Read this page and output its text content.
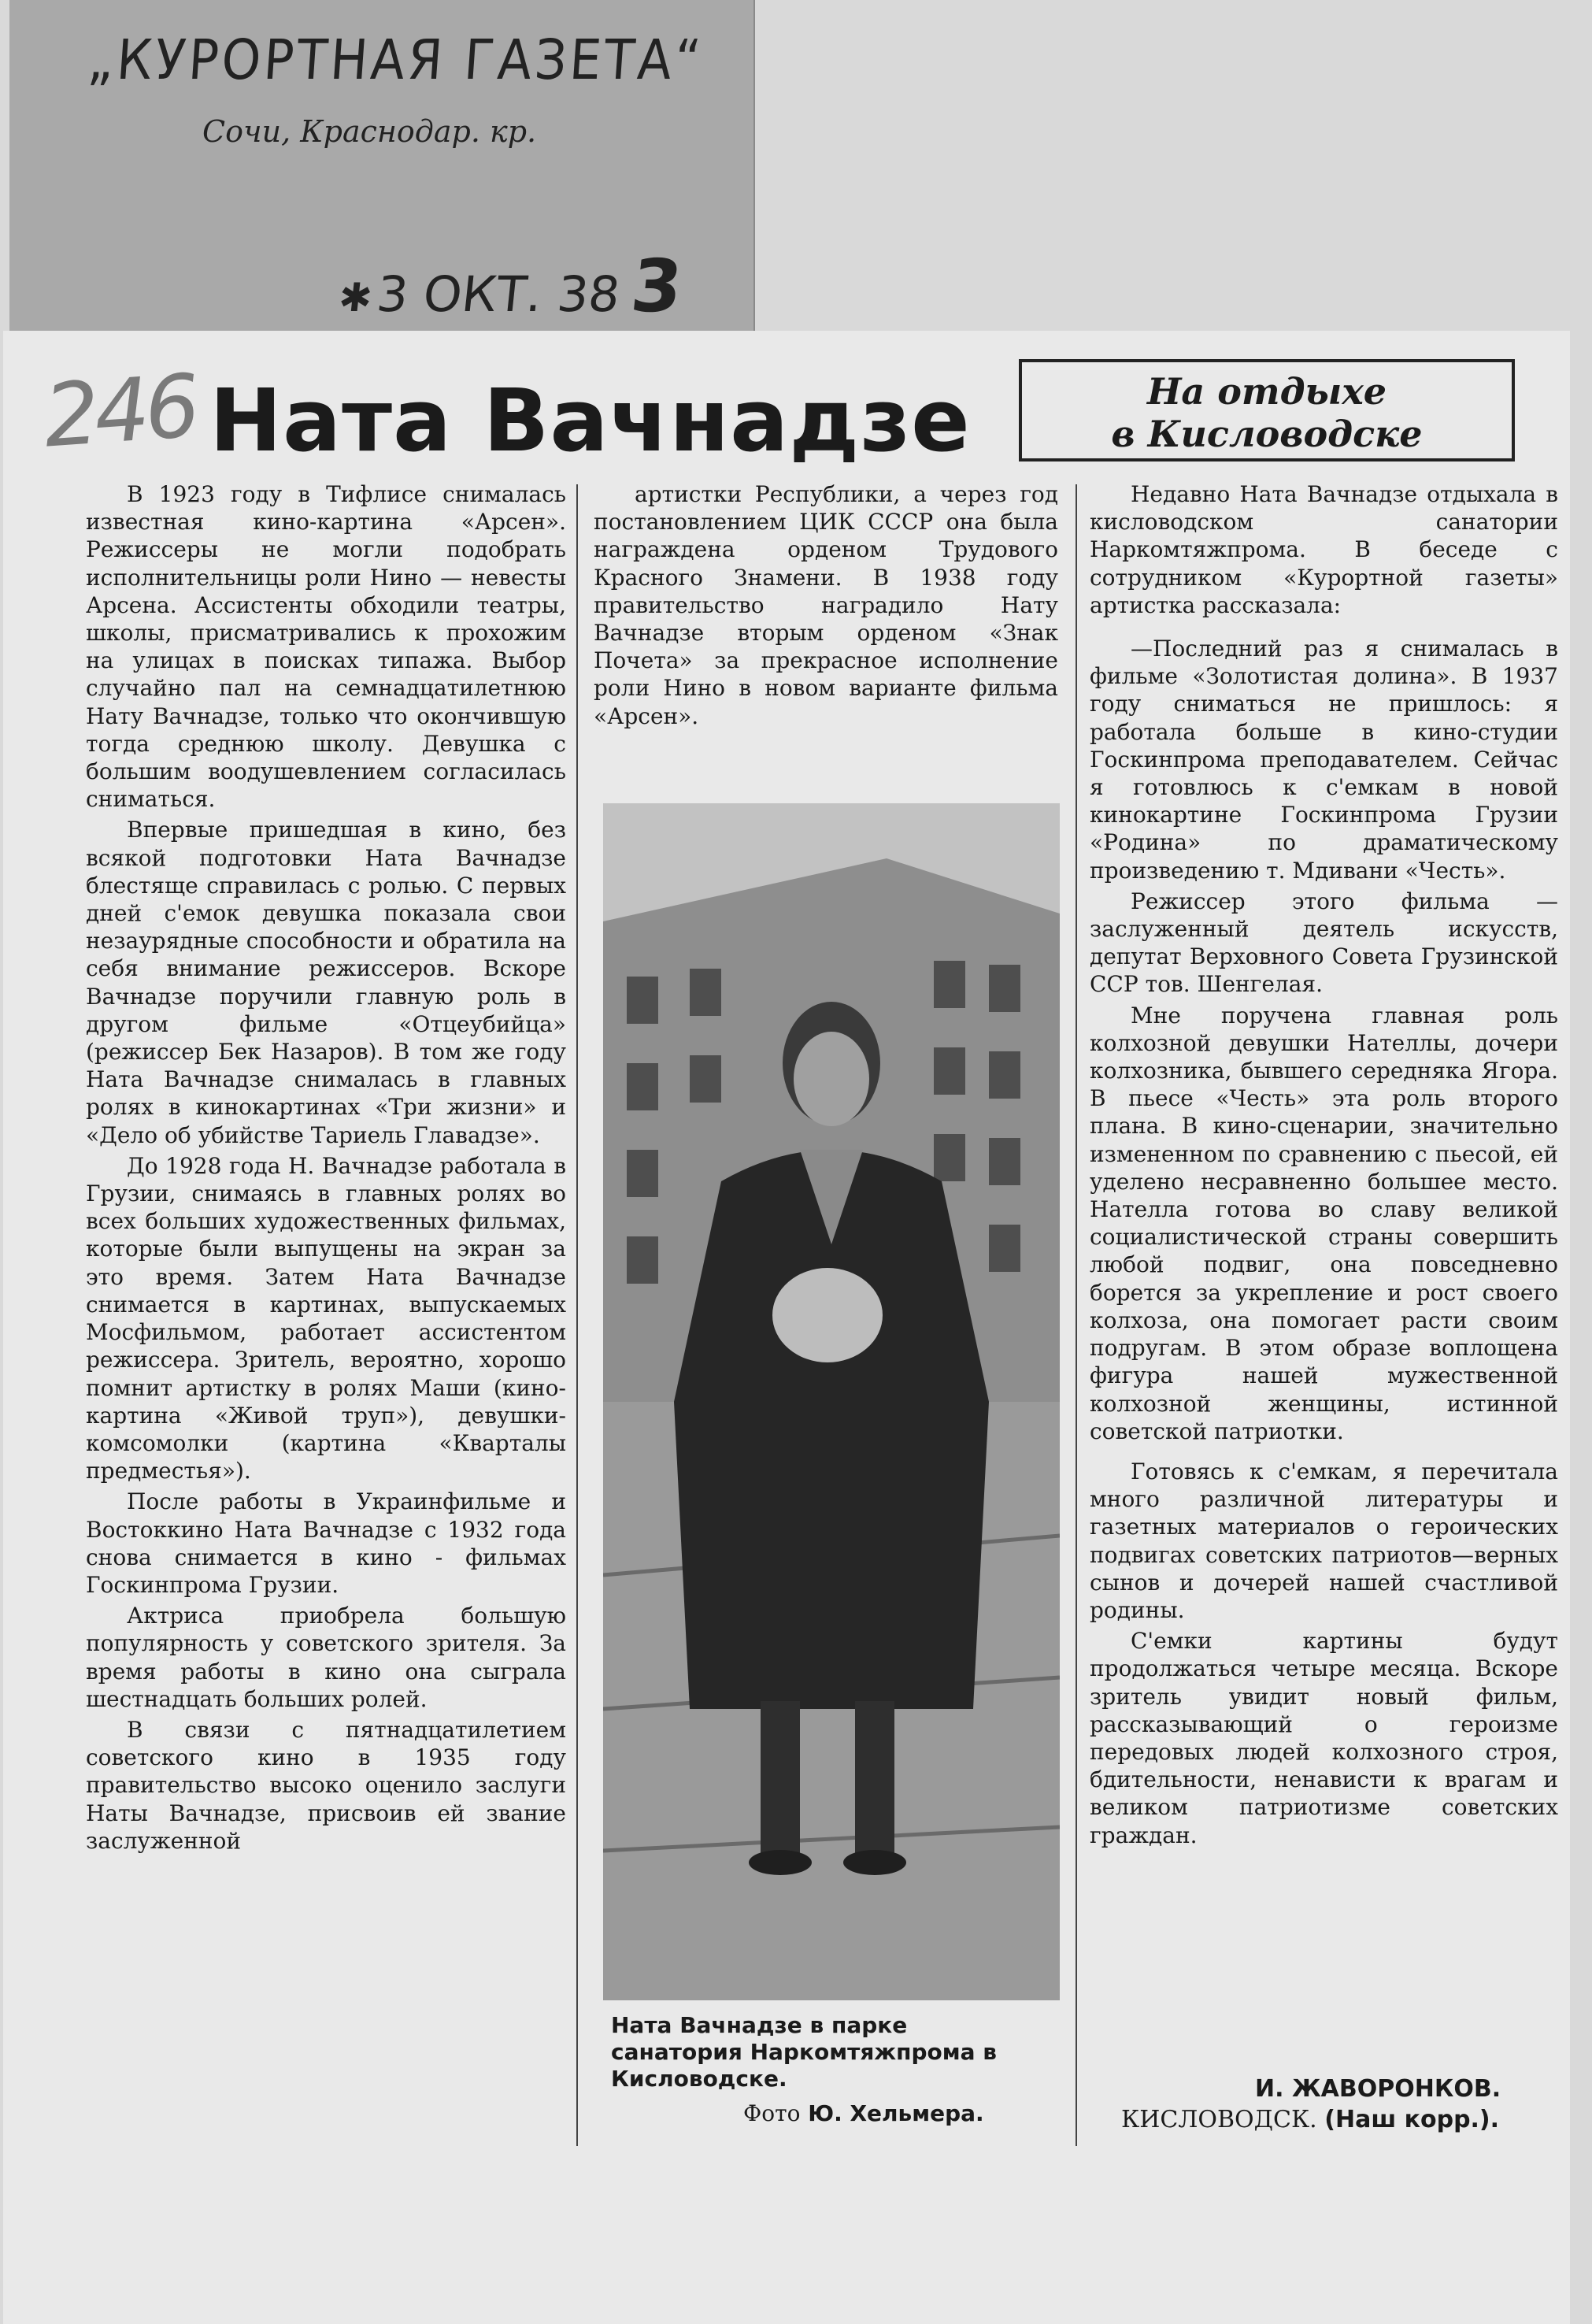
„КУРОРТНАЯ ГАЗЕТА“
Сочи, Краснодар. кр.
✱3 ОКТ. 383
246 Ната Вачнадзе	На отдыхе
в Кисловодске

В 1923 году в Тифлисе снималась известная кино-картина «Арсен». Режиссеры не могли подобрать исполнительницы роли Нино — невесты Арсена. Ассистенты обходили театры, школы, присматривались к прохожим на улицах в поисках типажа. Выбор случайно пал на семнадцатилетнюю Нату Вачнадзе, только что окончившую тогда среднюю школу. Девушка с большим воодушевлением согласилась сниматься.

Впервые пришедшая в кино, без всякой подготовки Ната Вачнадзе блестяще справилась с ролью. С первых дней с'емок девушка показала свои незаурядные способности и обратила на себя внимание режиссеров. Вскоре Вачнадзе поручили главную роль в другом фильме «Отцеубийца» (режиссер Бек Назаров). В том же году Ната Вачнадзе снималась в главных ролях в кинокартинах «Три жизни» и «Дело об убийстве Тариель Главадзе».

До 1928 года Н. Вачнадзе работала в Грузии, снимаясь в главных ролях во всех больших художественных фильмах, которые были выпущены на экран за это время. Затем Ната Вачнадзе снимается в картинах, выпускаемых Мосфильмом, работает ассистентом режиссера. Зритель, вероятно, хорошо помнит артистку в ролях Маши (кино-картина «Живой труп»), девушки-комсомолки (картина «Кварталы предместья»).

После работы в Украинфильме и Востоккино Ната Вачнадзе с 1932 года снова снимается в кино - фильмах Госкинпрома Грузии.

Актриса приобрела большую популярность у советского зрителя. За время работы в кино она сыграла шестнадцать больших ролей.

В связи с пятнадцатилетием советского кино в 1935 году правительство высоко оценило заслуги Наты Вачнадзе, присвоив ей звание заслуженной

артистки Республики, а через год постановлением ЦИК СССР она была награждена орденом Трудового Красного Знамени. В 1938 году правительство наградило Нату Вачнадзе вторым орденом «Знак Почета» за прекрасное исполнение роли Нино в новом варианте фильма «Арсен».

Ната Вачнадзе в парке санатория Наркомтяжпрома в Кисловодске.
Фото Ю. Хельмера.

Недавно Ната Вачнадзе отдыхала в кисловодском санатории Наркомтяжпрома. В беседе с сотрудником «Курортной газеты» артистка рассказала:

—Последний раз я снималась в фильме «Золотистая долина». В 1937 году сниматься не пришлось: я работала больше в кино-студии Госкинпрома преподавателем. Сейчас я готовлюсь к с'емкам в новой кинокартине Госкинпрома Грузии «Родина» по драматическому произведению т. Мдивани «Честь».

Режиссер этого фильма — заслуженный деятель искусств, депутат Верховного Совета Грузинской ССР тов. Шенгелая.

Мне поручена главная роль колхозной девушки Нателлы, дочери колхозника, бывшего середняка Ягора. В пьесе «Честь» эта роль второго плана. В кино-сценарии, значительно измененном по сравнению с пьесой, ей уделено несравненно большее место. Нателла готова во славу великой социалистической страны совершить любой подвиг, она повседневно борется за укрепление и рост своего колхоза, она помогает расти своим подругам. В этом образе воплощена фигура нашей мужественной колхозной женщины, истинной советской патриотки.

Готовясь к с'емкам, я перечитала много различной литературы и газетных материалов о героических подвигах советских патриотов—верных сынов и дочерей нашей счастливой родины.

С'емки картины будут продолжаться четыре месяца. Вскоре зритель увидит новый фильм, рассказывающий о героизме передовых людей колхозного строя, бдительности, ненависти к врагам и великом патриотизме советских граждан.

И. ЖАВОРОНКОВ.
КИСЛОВОДСК. (Наш корр.).
